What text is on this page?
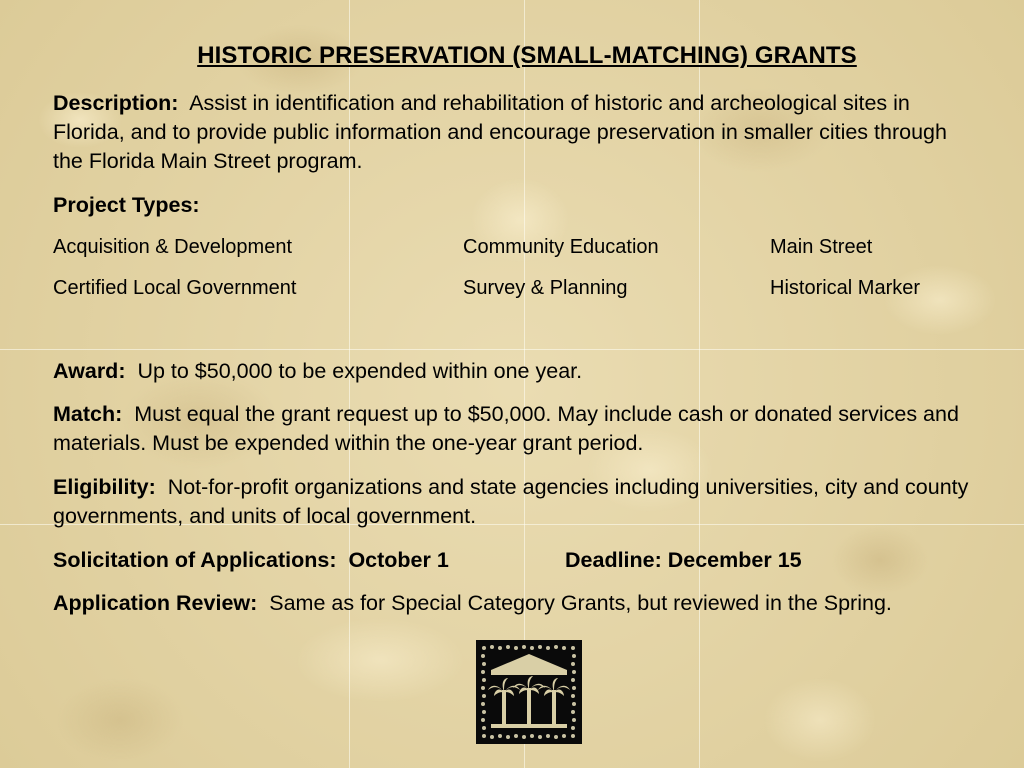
HISTORIC PRESERVATION (SMALL-MATCHING) GRANTS

Description: Assist in identification and rehabilitation of historic and archeological sites in Florida, and to provide public information and encourage preservation in smaller cities through the Florida Main Street program.

Project Types:

Acquisition & Development	Community Education	Main Street
Certified Local Government	Survey & Planning	Historical Marker

Award: Up to $50,000 to be expended within one year.

Match: Must equal the grant request up to $50,000. May include cash or donated services and materials. Must be expended within the one-year grant period.

Eligibility: Not-for-profit organizations and state agencies including universities, city and county governments, and units of local government.

Solicitation of Applications: October 1	Deadline: December 15

Application Review: Same as for Special Category Grants, but reviewed in the Spring.
